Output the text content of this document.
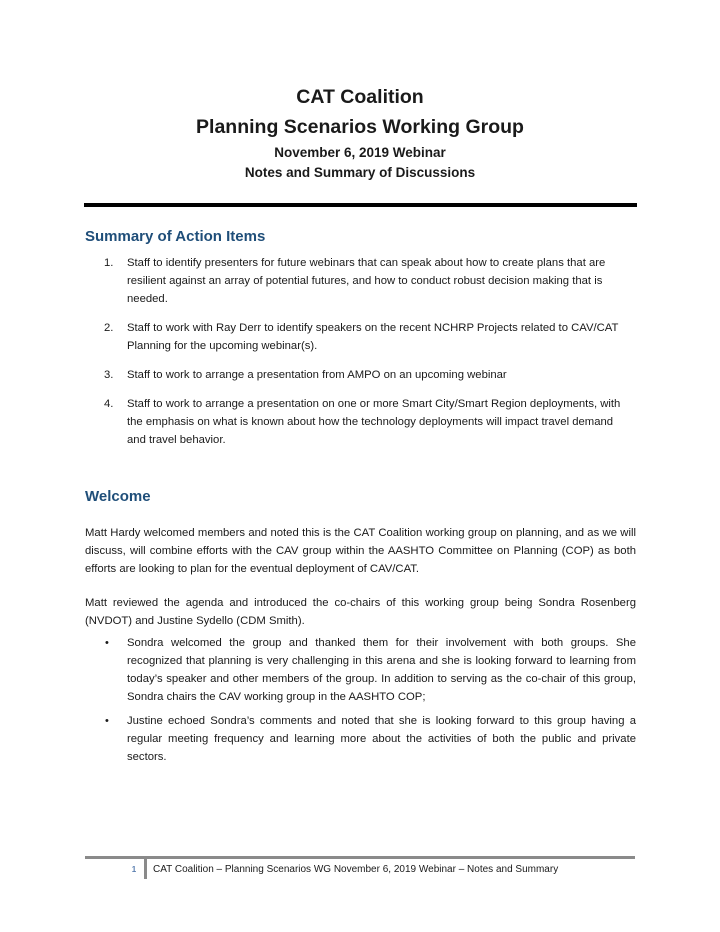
CAT Coalition
Planning Scenarios Working Group
November 6, 2019 Webinar
Notes and Summary of Discussions
Summary of Action Items
1. Staff to identify presenters for future webinars that can speak about how to create plans that are resilient against an array of potential futures, and how to conduct robust decision making that is needed.
2. Staff to work with Ray Derr to identify speakers on the recent NCHRP Projects related to CAV/CAT Planning for the upcoming webinar(s).
3. Staff to work to arrange a presentation from AMPO on an upcoming webinar
4. Staff to work to arrange a presentation on one or more Smart City/Smart Region deployments, with the emphasis on what is known about how the technology deployments will impact travel demand and travel behavior.
Welcome

Matt Hardy welcomed members and noted this is the CAT Coalition working group on planning, and as we will discuss, will combine efforts with the CAV group within the AASHTO Committee on Planning (COP) as both efforts are looking to plan for the eventual deployment of CAV/CAT.

Matt reviewed the agenda and introduced the co-chairs of this working group being Sondra Rosenberg (NVDOT) and Justine Sydello (CDM Smith).

• Sondra welcomed the group and thanked them for their involvement with both groups. She recognized that planning is very challenging in this arena and she is looking forward to learning from today’s speaker and other members of the group. In addition to serving as the co-chair of this group, Sondra chairs the CAV working group in the AASHTO COP;
• Justine echoed Sondra’s comments and noted that she is looking forward to this group having a regular meeting frequency and learning more about the activities of both the public and private sectors.
1	CAT Coalition – Planning Scenarios WG November 6, 2019 Webinar – Notes and Summary
